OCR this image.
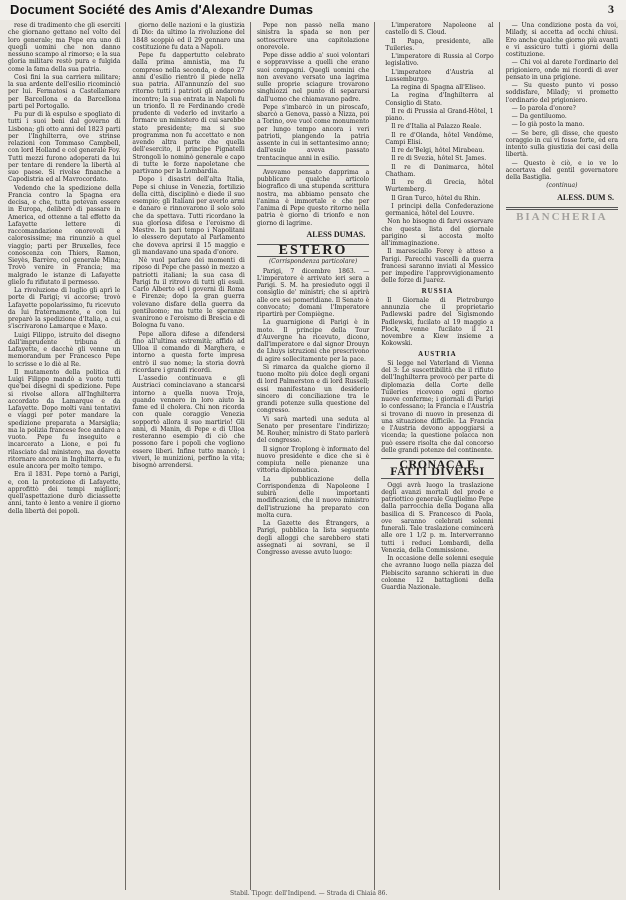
Document Société des Amis d'Alexandre Dumas	3

rese di tradimento che gli eserciti che giornano gettano nel volto del loro generale; ma Pepe era uno di quegli uomini che non danno nessuno scampo al rimorso; e la sua gloria militare restò pura e fulgida come la fama della sua patria.

Così fini la sua carriera militare; la sua ardente dell'esilio ricominciò per lui. Fermatosi a Castellamare per Barcellona e da Barcellona parti pel Portogallo.

Fu pur di là espulso e spogliato di tutti i suoi beni dal governo di Lisbona; gli otto anni del 1823 parti per l'Inghilterra, ove strinse relazioni con Tommaso Campbell, con lord Holland e col generale Foy. Tutti mezzi furono adoperati da lui per tentare di rendere la libertà al suo paese. Si rivolse finanche a Capodistria ed al Mavrocordato.

Vedendo che la spedizione della Francia contro la Spagna era decisa, e che, tutta potevan essere in Europa, deliberò di passare in America, ed ottenne a tal effetto da Lafayette lettere di raccomandazione onorevoli e calorosissime; ma rinunziò a quel viaggio; parti per Bruxelles, fece conoscenza con Thiers, Ramon, Sieyès, Barrère, col generale Mina; Trovò venire in Francia; ma malgrado le istanze di Lafayette glielo fu rifiutato il permesso.

La rivoluzione di luglio gli aprì le porte di Parigi; vi accorse; trovò Lafayette popolarissimo, fu ricevuto da lui fraternamente, e con lui preparò la spedizione d'Italia, a cui s'iscrivarono Lamarque e Maxo.

Luigi Filippo, istruito del disegno dall'imprudente tribuna di Lafayette, e dacchè gli venne un memorandum per Francesco Pepe lo scrisse e lo diè al Re.

Il mutamento della politica di Luigi Filippo mandò a vuoto tutti que'bei disegni di spedizione. Pepe si rivolse allora all'Inghilterra accordato da Lamarque e da Lafayette. Dopo molti vani tentativi e viaggi per poter mandare la spedizione preparata a Marsiglia; ma la polizia francese fece andare a vuoto. Pepe fu inseguito e incarcerato a Lione, e poi fu rilasciato dal ministero, ma dovette ritornare ancora in Inghilterra, e fu esule ancora per molto tempo.

Era il 1831. Pepe tornò a Parigi, e, con la protezione di Lafayette, approfittò dei tempi migliori; quell'aspettazione durò diciassette anni, tanto è lento a venire il giorno della libertà dei popoli.

giorno delle nazioni e la giustizia di Dio: da ultimo la rivoluzione del 1848 scoppiò ed il 29 gennaro una costituzione fu data a Napoli.

Pepe fu dappertutto celebrato dalla prima amnistia, ma fu compreso nella seconda, e dopo 27 anni d'esilio rientrò il piede nella sua patria. All'annunzio del suo ritorno tutti i patrioti gli andarono incontro; la sua entrata in Napoli fu un trionfo. Il re Ferdinando credè prudente di vederlo ed invitarlo a formare un ministero di cui sarebbe stato presidente; ma si suo programma non fu accettato e non avendo altra parte che quella dell'esercito, il principe Pignatelli Strongoli lo nominò generale e capo di tutte le forze napoletane che partivano per la Lombardia.

Dopo i disastri dell'alta Italia, Pepe si chiuse in Venezia, fortilizio della città, disciplinò e diede il suo esempio; gli Italiani per averlo armi e danaro e rinnovarono il solo solo che da spettava. Tutti ricordano la sua gloriosa difesa e l'eroismo di Mestre. In pari tempo i Napolitani lo elessero deputato al Parlamento che doveva aprirsi il 15 maggio e gli mandavano una spada d'onore.

Nè vuol parlare dei momenti di riposo di Pepe che passò in mezzo a patriotti italiani; la sua casa di Parigi fu il ritrovo di tutti gli esuli. Carlo Alberto ed i governi di Roma e Firenze; dopo la gran guerra volevano disfare della guerra da gentiluomo; ma tutte le speranze svanirono e l'eroismo di Brescia e di Bologna fu vano.

Pepe allora difese a difendersi fino all'ultima estremità; affidò ad Ulloa il comando di Marghera, e intorno a questa forte impresa entrò il suo nome; la storia dovrà ricordare i grandi ricordi.

L'assedio continuava e gli Austriaci cominciavano a stancarsi intorno a quella nuova Troja, quando vennero in loro aiuto la fame ed il cholera. Chi non ricorda con quale coraggio Venezia sopportò allora il suo martirio! Gli anni, di Manin, di Pepe e di Ulloa resteranno esempio di ciò che possono fare i popoli che vogliono essere liberi. Infine tutto mancò; i viveri, le munizioni, perfino la vita; bisognò arrendersi.

Pepe non passò nella mano sinistra la spada se non per sottoscrivere una capitolazione onorevole.

Pepe disse addio a' suoi volontari e soppravvisse a quelli che erano suoi compagni. Quegli uomini che non avevano versato una lagrima sulle proprie sciagure trovarono singhiozzi nel punto di separarsi dall'uomo che chiamavano padre.

Pepe s'imbarcò in un piroscafo, sbarcò a Genova, passò a Nizza, poi a Torino, ove vuol come monumento per lungo tempo ancora i veri patrioti, piangendo la patria assente in cui in settantesimo anno; dall'esule aveva passato trentacinque anni in esilio.

Avevamo pensato dapprima a pubblicare qualche articolo biografico di una stupenda scrittura nostra, ma abbiamo pensato che l'anima è immortale e che per l'anima di Pepe questo ritorno nella patria è giorno di trionfo e non giorno di lagrime.

ALESS DUMAS.
ESTERO
(Corrispondenza particolare)

Parigi, 7 dicembre 1863. — L'imperatore è arrivato ieri sera a Parigi. S. M. ha presieduto oggi il consiglio de' ministri; che si aprirà alle ore sei pomeridiane. Il Senato è convocato; domani l'Imperatore ripartirà per Compiègne.

La guarnigione di Parigi è in moto. Il principe della Tour d'Auvergne ha ricevuto, dicono, dall'imperatore e dal signor Drouyn de Lhuys istruzioni che prescrivono di agire sollecitamente per la pace.

Si rimarca da qualche giorno il tuono molto più dolce degli organi di lord Palmerston e di lord Russell; essi manifestano un desiderio sincero di conciliazione tra le grandi potenze sulla questione del congresso.

Vi sarà martedì una seduta al Senato per presentare l'indirizzo; M. Rouher, ministro di Stato parlerà del congresso.

Il signor Troplong è informato del nuovo presidente e dice che si è compiuta nelle pienanze una vittoria diplomatica.

La pubblicazione della Corrispondenza di Napoleone I subirà delle importanti modificazioni, che il nuovo ministro dell'istruzione ha preparato con molta cura.

La Gazette des Étrangers, a Parigi, pubblica la lista seguente degli alloggi che sarebbero stati assegnati ai sovrani, se il Congresso avesse avuto luogo:

L'imperatore Napoleone al castello di S. Cloud.

Il Papa, presidente, alle Tuileries.

L'imperatore di Russia al Corpo legislativo.

L'imperatore d'Austria al Lussemburgo.

La regina di Spagna all'Eliseo.

La regina d'Inghilterra al Consiglio di Stato.

Il re di Prussia al Grand-Hôtel, 1 piano.

Il re d'Italia al Palazzo Reale.

Il re d'Olanda, hôtel Vendôme, Campi Elisi.

Il re de'Belgi, hôtel Mirabeau.

Il re di Svezia, hôtel St. James.

Il re di Danimarca, hôtel Chatham.

Il re di Grecia, hôtel Wurtemberg.

Il Gran Turco, hôtel du Rhin.

I principi della Confederazione germanica, hôtel del Louvre.

Non ho bisogno di farvi osservare che questa lista del giornale parigino si accosta molto all'immaginazione.

Il maresciallo Forey è atteso a Parigi. Parecchi vascelli da guerra francesi saranno inviati al Messico per impedire l'approvvigionamento delle forze di Juarez.

RUSSIA

Il Giornale di Pietroburgo annunzia che il proprietario Padlewski padre del Sigismondo Padlewski, fucilato al 19 maggio a Plock, venne fucilato il 21 novembre a Kiew insieme a Kokowski.

AUSTRIA

Si legge nel Vaterland di Vienna del 3: Le suscettibilità che il rifiuto dell'Inghilterra provocò per parte di diplomazia della Corte delle Tuileries ricevono ogni giorno nuove conferme; i giornali di Parigi lo confessano; la Francia e l'Austria si trovano di nuovo in presenza di una situazione difficile. La Francia e l'Austria devono appoggiarsi a vicenda; la questione polacca non può essere risolta che dal concorso delle grandi potenze del continente.

CRONACA E FATTI DIVERSI

Oggi avrà luogo la traslazione degli avanzi mortali del prode e patriottico generale Guglielmo Pepe dalla parrocchia della Dogana alla basilica di S. Francesco di Paola, ove saranno celebrati solenni funerali. Tale traslazione comincerà alle ore 1 1/2 p. m. Interverranno tutti i reduci Lombardi, della Venezia, della Commissione.

In occasione delle solenni esequie che avranno luogo nella piazza del Plebiscito saranno schierati in due colonne 12 battaglioni della Guardia Nazionale.

— Una condizione posta da voi, Milady, si accetta ad occhi chiusi. Ero anche qualche giorno più avanti e vi assicuro tutti i giorni della costituzione.

— Chi voi al darete l'ordinario del prigioniero, onde mi ricordi di aver pensato in una prigione.

— Su questo punto vi posso soddisfare, Milady; vi prometto l'ordinario del prigioniero.

— Io parola d'onore?

— Da gentiluomo.

— Io già posto la mano.

— Se bere, gli disse, che questo coraggio in cui vi fosse forte, ed era intento sulla giustizia dei casi della libertà.

— Questo è ciò, e io ve lo accertava del gentil governatore della Bastiglia.

(continua)
ALESS. DUM S.
BIANCHERIA
Stabil. Tipogr. dell'Indipend. — Strada di Chiaia 86.
